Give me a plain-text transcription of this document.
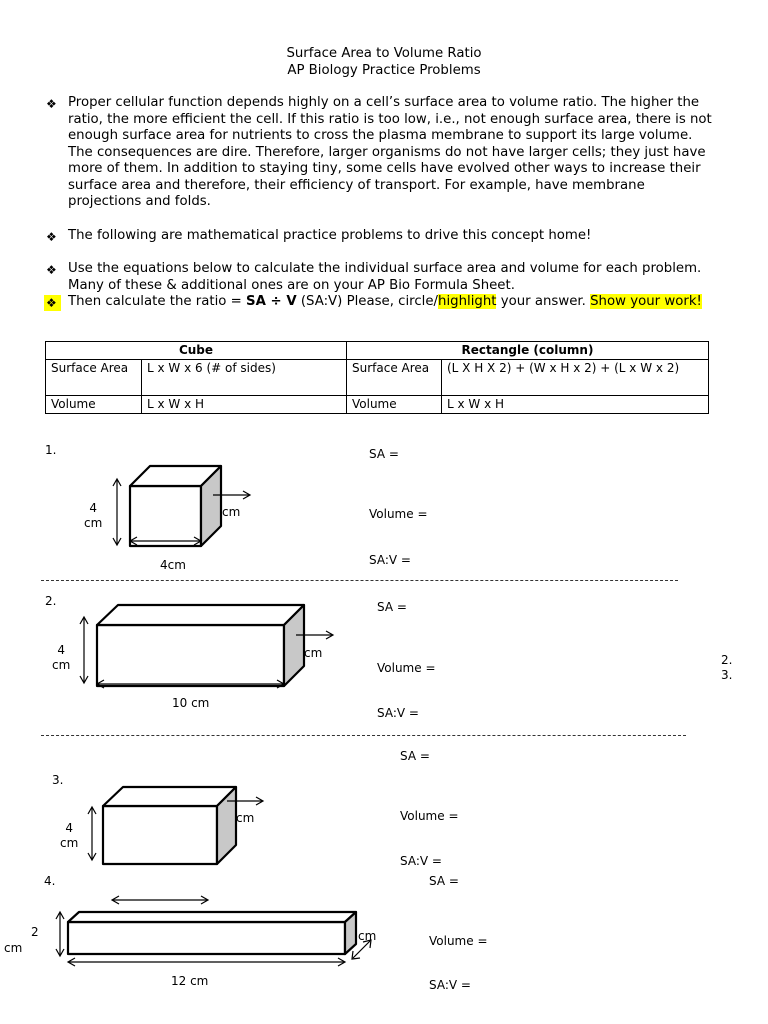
Surface Area to Volume Ratio
AP Biology Practice Problems
❖ Proper cellular function depends highly on a cell’s surface area to volume ratio. The higher the ratio, the more efficient the cell. If this ratio is too low, i.e., not enough surface area, there is not enough surface area for nutrients to cross the plasma membrane to support its large volume. The consequences are dire. Therefore, larger organisms do not have larger cells; they just have more of them. In addition to staying tiny, some cells have evolved other ways to increase their surface area and therefore, their efficiency of transport. For example, have membrane projections and folds.
❖ The following are mathematical practice problems to drive this concept home!
❖ Use the equations below to calculate the individual surface area and volume for each problem. Many of these & additional ones are on your AP Bio Formula Sheet.
❖ Then calculate the ratio = SA ÷ V (SA:V) Please, circle/highlight your answer. Show your work!
Cube		Rectangle (column)	
Surface Area	L x W x 6 (# of sides)	Surface Area	(L X H X 2) + (W x H x 2) + (L x W x 2)
Volume	L x W x H	Volume	L x W x H
1.
4
cm
cm
4cm
SA =
Volume =
SA:V =
2.
4
cm
cm
10 cm
SA =
Volume =
SA:V =
2.
3.
SA =
3.
4
cm
cm	Volume =
SA:V =
4.	SA =
2
cm
cm
12 cm
Volume =
SA:V =
